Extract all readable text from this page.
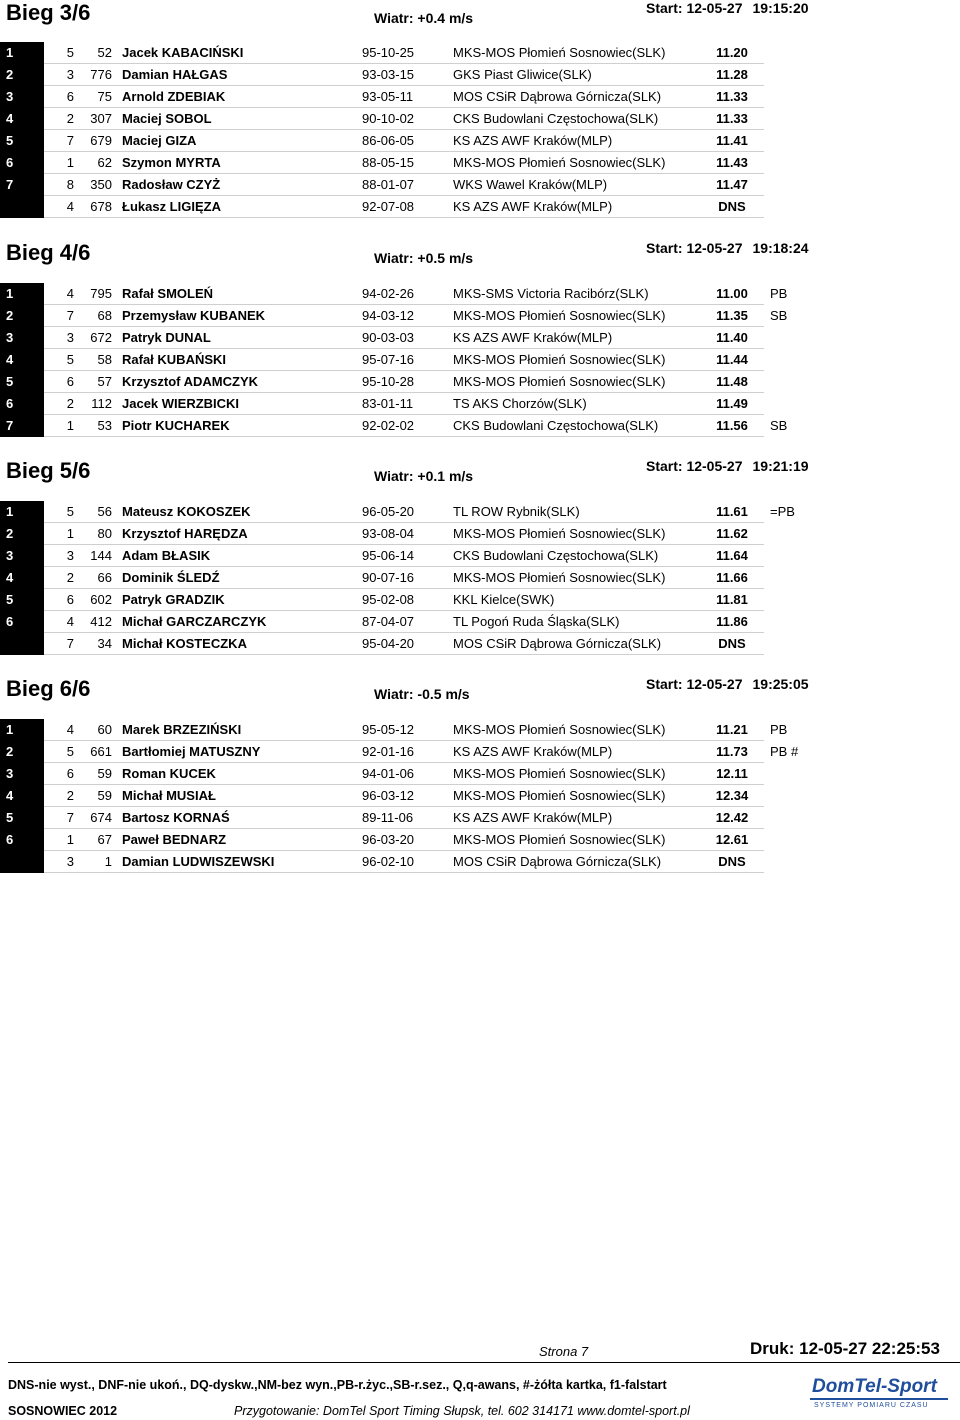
Bieg 3/6	Wiatr: +0.4 m/s
Start: 12-05-27 19:15:20
1	5	52	Jacek KABACIŃSKI	95-10-25	MKS-MOS Płomień Sosnowiec(SLK)	11.20	
2	3	776	Damian HAŁGAS	93-03-15	GKS Piast Gliwice(SLK)	11.28	
3	6	75	Arnold ZDEBIAK	93-05-11	MOS CSiR Dąbrowa Górnicza(SLK)	11.33	
4	2	307	Maciej SOBOL	90-10-02	CKS Budowlani Częstochowa(SLK)	11.33	
5	7	679	Maciej GIZA	86-06-05	KS AZS AWF Kraków(MLP)	11.41	
6	1	62	Szymon MYRTA	88-05-15	MKS-MOS Płomień Sosnowiec(SLK)	11.43	
7	8	350	Radosław CZYŻ	88-01-07	WKS Wawel Kraków(MLP)	11.47	
	4	678	Łukasz LIGIĘZA	92-07-08	KS AZS AWF Kraków(MLP)	DNS	
Bieg 4/6	Wiatr: +0.5 m/s
Start: 12-05-27 19:18:24
1	4	795	Rafał SMOLEŃ	94-02-26	MKS-SMS Victoria Racibórz(SLK)	11.00	PB
2	7	68	Przemysław KUBANEK	94-03-12	MKS-MOS Płomień Sosnowiec(SLK)	11.35	SB
3	3	672	Patryk DUNAL	90-03-03	KS AZS AWF Kraków(MLP)	11.40	
4	5	58	Rafał KUBAŃSKI	95-07-16	MKS-MOS Płomień Sosnowiec(SLK)	11.44	
5	6	57	Krzysztof ADAMCZYK	95-10-28	MKS-MOS Płomień Sosnowiec(SLK)	11.48	
6	2	112	Jacek WIERZBICKI	83-01-11	TS AKS Chorzów(SLK)	11.49	
7	1	53	Piotr KUCHAREK	92-02-02	CKS Budowlani Częstochowa(SLK)	11.56	SB
Bieg 5/6	Wiatr: +0.1 m/s
Start: 12-05-27 19:21:19
1	5	56	Mateusz KOKOSZEK	96-05-20	TL ROW Rybnik(SLK)	11.61	=PB
2	1	80	Krzysztof HARĘDZA	93-08-04	MKS-MOS Płomień Sosnowiec(SLK)	11.62	
3	3	144	Adam BŁASIK	95-06-14	CKS Budowlani Częstochowa(SLK)	11.64	
4	2	66	Dominik ŚLEDŹ	90-07-16	MKS-MOS Płomień Sosnowiec(SLK)	11.66	
5	6	602	Patryk GRADZIK	95-02-08	KKL Kielce(SWK)	11.81	
6	4	412	Michał GARCZARCZYK	87-04-07	TL Pogoń Ruda Śląska(SLK)	11.86	
	7	34	Michał KOSTECZKA	95-04-20	MOS CSiR Dąbrowa Górnicza(SLK)	DNS	
Bieg 6/6	Wiatr: -0.5 m/s
Start: 12-05-27 19:25:05
1	4	60	Marek BRZEZIŃSKI	95-05-12	MKS-MOS Płomień Sosnowiec(SLK)	11.21	PB
2	5	661	Bartłomiej MATUSZNY	92-01-16	KS AZS AWF Kraków(MLP)	11.73	PB #
3	6	59	Roman KUCEK	94-01-06	MKS-MOS Płomień Sosnowiec(SLK)	12.11	
4	2	59	Michał MUSIAŁ	96-03-12	MKS-MOS Płomień Sosnowiec(SLK)	12.34	
5	7	674	Bartosz KORNAŚ	89-11-06	KS AZS AWF Kraków(MLP)	12.42	
6	1	67	Paweł BEDNARZ	96-03-20	MKS-MOS Płomień Sosnowiec(SLK)	12.61	
	3	1	Damian LUDWISZEWSKI	96-02-10	MOS CSiR Dąbrowa Górnicza(SLK)	DNS	
Strona 7	Druk: 12-05-27 22:25:53
DNS-nie wyst., DNF-nie ukoń., DQ-dyskw.,NM-bez wyn.,PB-r.życ.,SB-r.sez., Q,q-awans, #-żółta kartka, f1-falstart
SOSNOWIEC 2012	Przygotowanie: DomTel Sport Timing Słupsk, tel. 602 314171 www.domtel-sport.pl
DomTel-Sport
SYSTEMY POMIARU CZASU
